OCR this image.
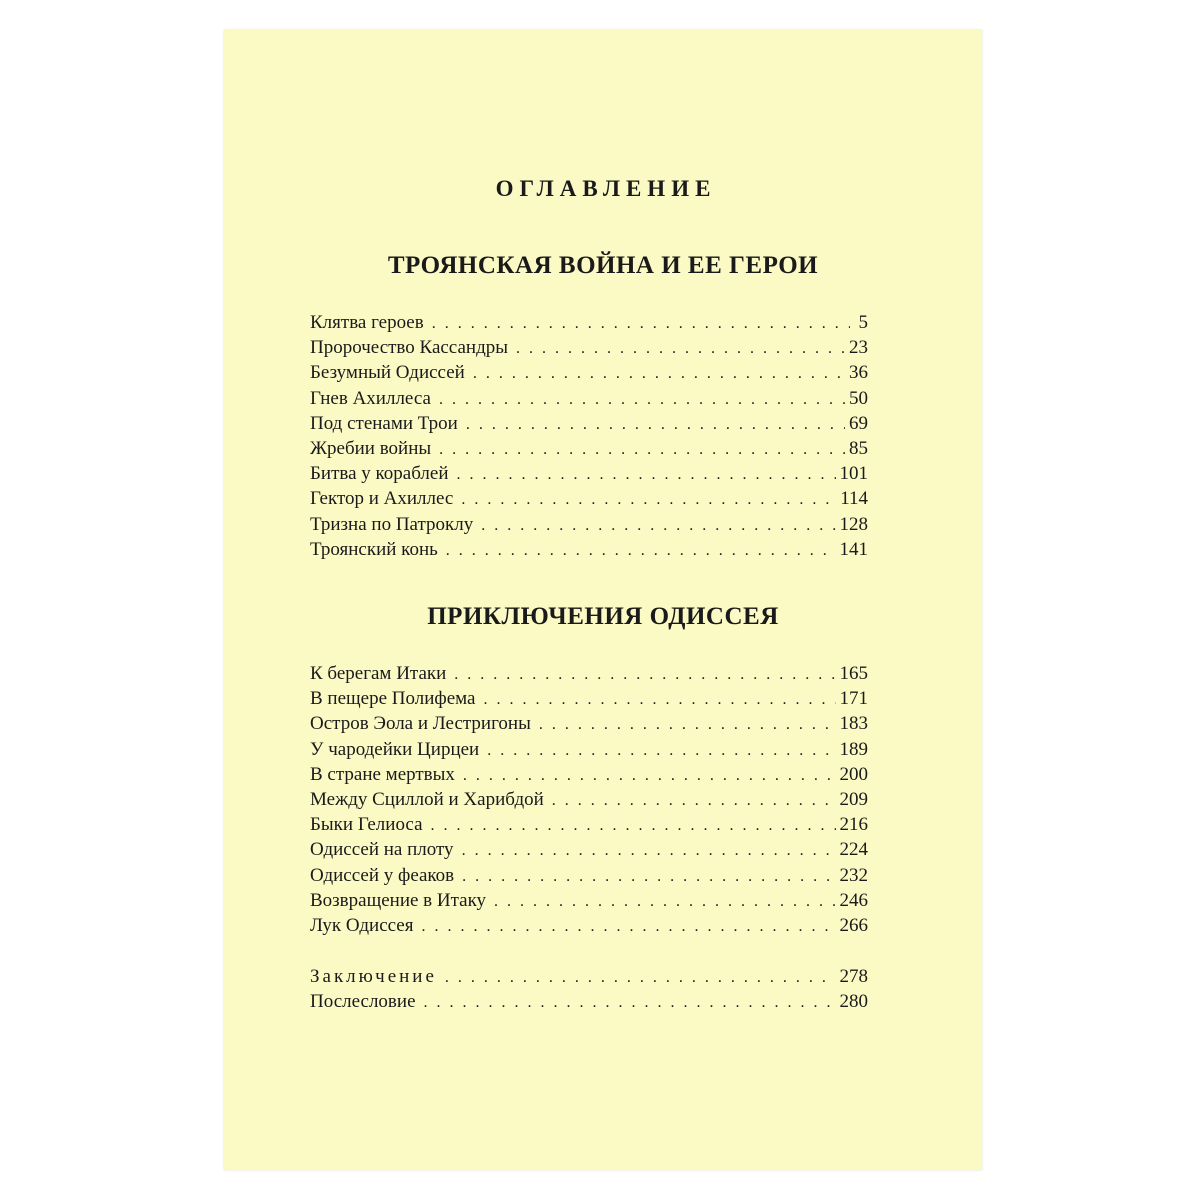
ОГЛАВЛЕНИЕ
ТРОЯНСКАЯ ВОЙНА И ЕЕ ГЕРОИ
Клятва героев . . .	5
Пророчество Кассандры . . .	23
Безумный Одиссей . . .	36
Гнев Ахиллеса . . .	50
Под стенами Трои . . .	69
Жребии войны . . .	85
Битва у кораблей . . .	101
Гектор и Ахиллес . . .	114
Тризна по Патроклу . . .	128
Троянский конь . . .	141
ПРИКЛЮЧЕНИЯ ОДИССЕЯ
К берегам Итаки . . .	165
В пещере Полифема . . .	171
Остров Эола и Лестригоны . . .	183
У чародейки Цирцеи . . .	189
В стране мертвых . . .	200
Между Сциллой и Харибдой . . .	209
Быки Гелиоса . . .	216
Одиссей на плоту . . .	224
Одиссей у феаков . . .	232
Возвращение в Итаку . . .	246
Лук Одиссея . . .	266
Заключение . . .	278
Послесловие . . .	280
